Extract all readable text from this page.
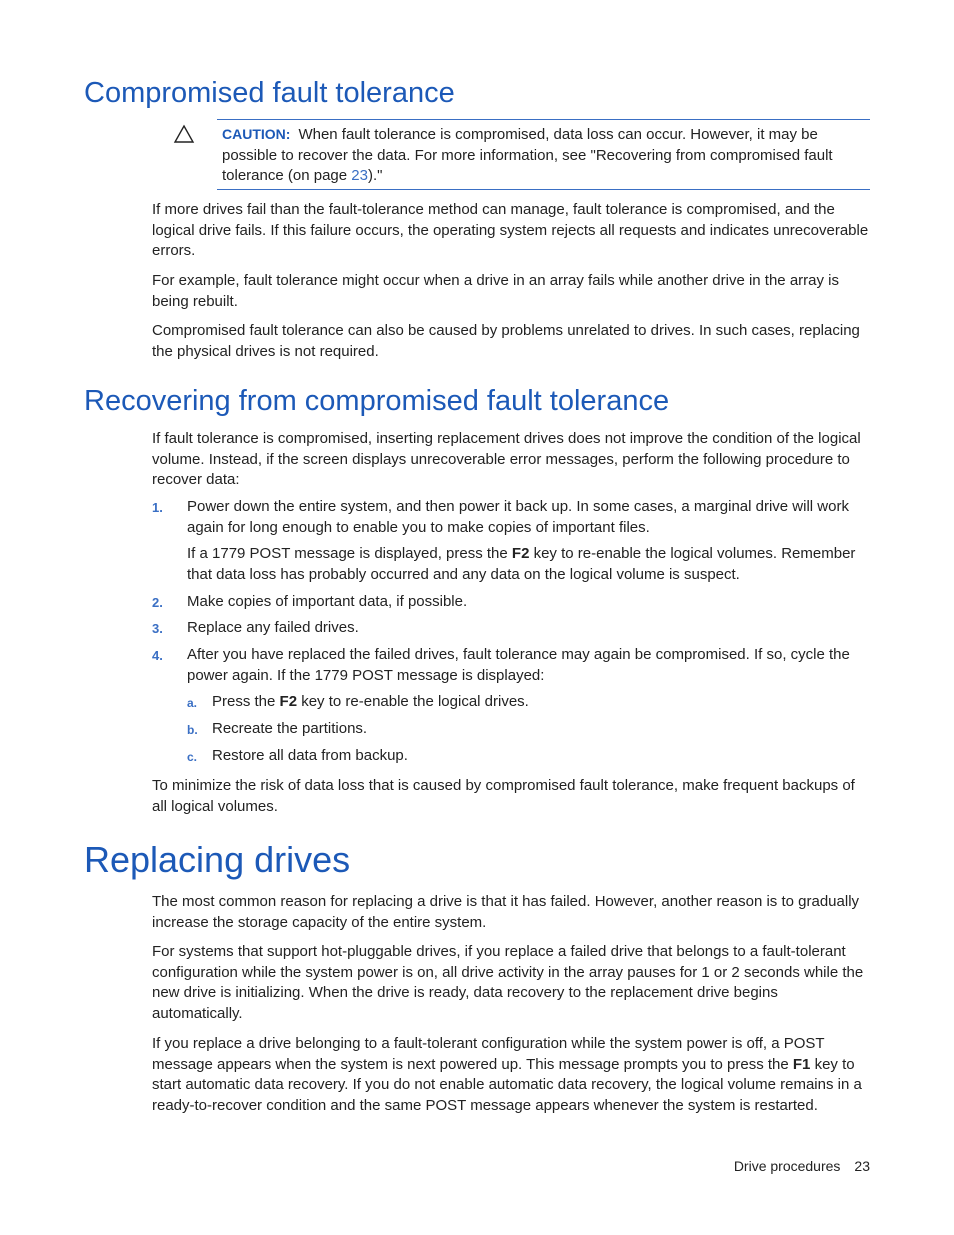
Compromised fault tolerance

CAUTION: When fault tolerance is compromised, data loss can occur. However, it may be possible to recover the data. For more information, see "Recovering from compromised fault tolerance (on page 23)."

If more drives fail than the fault-tolerance method can manage, fault tolerance is compromised, and the logical drive fails. If this failure occurs, the operating system rejects all requests and indicates unrecoverable errors.

For example, fault tolerance might occur when a drive in an array fails while another drive in the array is being rebuilt.

Compromised fault tolerance can also be caused by problems unrelated to drives. In such cases, replacing the physical drives is not required.

Recovering from compromised fault tolerance

If fault tolerance is compromised, inserting replacement drives does not improve the condition of the logical volume. Instead, if the screen displays unrecoverable error messages, perform the following procedure to recover data:

1. Power down the entire system, and then power it back up. In some cases, a marginal drive will work again for long enough to enable you to make copies of important files.

If a 1779 POST message is displayed, press the F2 key to re-enable the logical volumes. Remember that data loss has probably occurred and any data on the logical volume is suspect.

2. Make copies of important data, if possible.

3. Replace any failed drives.

4. After you have replaced the failed drives, fault tolerance may again be compromised. If so, cycle the power again. If the 1779 POST message is displayed:

a. Press the F2 key to re-enable the logical drives.

b. Recreate the partitions.

c. Restore all data from backup.

To minimize the risk of data loss that is caused by compromised fault tolerance, make frequent backups of all logical volumes.

Replacing drives

The most common reason for replacing a drive is that it has failed. However, another reason is to gradually increase the storage capacity of the entire system.

For systems that support hot-pluggable drives, if you replace a failed drive that belongs to a fault-tolerant configuration while the system power is on, all drive activity in the array pauses for 1 or 2 seconds while the new drive is initializing. When the drive is ready, data recovery to the replacement drive begins automatically.

If you replace a drive belonging to a fault-tolerant configuration while the system power is off, a POST message appears when the system is next powered up. This message prompts you to press the F1 key to start automatic data recovery. If you do not enable automatic data recovery, the logical volume remains in a ready-to-recover condition and the same POST message appears whenever the system is restarted.

Drive procedures 23
